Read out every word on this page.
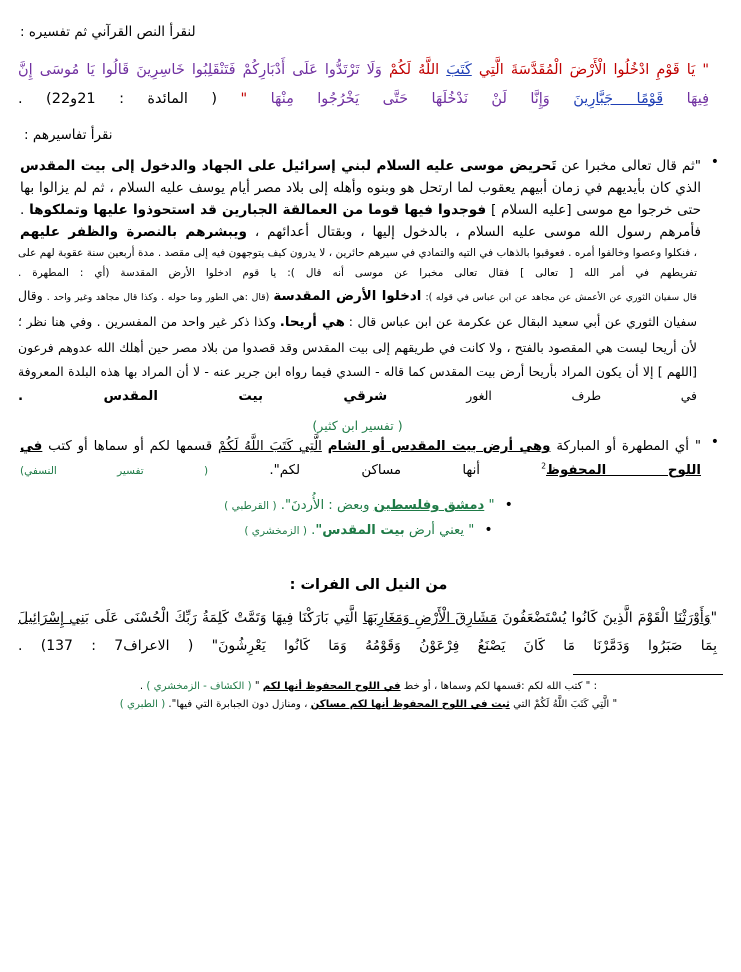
لنقرأ النص القرآني ثم تفسيره :
" يَا قَوْمِ ادْخُلُوا الْأَرْضَ الْمُقَدَّسَةَ الَّتِي كَتَبَ اللَّهُ لَكُمْ وَلَا تَرْتَدُّوا عَلَى أَدْبَارِكُمْ فَتَنْقَلِبُوا خَاسِرِينَ قَالُوا يَا مُوسَى إِنَّ فِيهَا قَوْمًا جَبَّارِينَ وَإِنَّا لَنْ نَدْخُلَهَا حَتَّى يَخْرُجُوا مِنْهَا " ( المائدة : 21و22) .
نقرأ تفاسيرهم :
• "ثم قال تعالى مخبرا عن تَحريض موسى عليه السلام لبني إسرائيل على الجهاد والدخول إلى بيت المقدس الذي كان بأيديهم في زمان أبيهم يعقوب لما ارتحل هو وبنوه وأهله إلى بلاد مصر أيام يوسف عليه السلام ، ثم لم يزالوا بها حتى خرجوا مع موسى [عليه السلام ] فوجدوا فيها قوما من العمالقة الجبارين قد استحوذوا عليها وتملكوها . فأمرهم رسول الله موسى عليه السلام ، بالدخول إليها ، وبقتال أعدائهم ، ويبشرهم بالنصرة والظفر عليهم
، فنكلوا وعصوا وخالفوا أمره . فعوقبوا بالذهاب في التيه والتمادي في سيرهم حائرين ، لا يدرون كيف يتوجهون فيه إلى مقصد . مدة أربعين سنة عقوبة لهم على تفريطهم في أمر الله [ تعالى ] فقال تعالى مخبرا عن موسى أنه قال ): يا قوم ادخلوا الأرض المقدسة (أي : المطهرة .
قال سفيان الثوري عن الأعمش عن مجاهد عن ابن عباس في قوله ): ادخلوا الأرض المقدسة (قال :هي الطور وما حوله . وكذا قال مجاهد وغير واحد . وقال سفيان الثوري عن أبي سعيد البقال عن عكرمة عن ابن عباس قال : هي أريحا. وكذا ذكر غير واحد من المفسرين . وفي هنا نظر ؛ لأن أريحا ليست هي المقصود بالفتح ، ولا كانت في طريقهم إلى بيت المقدس وقد قصدوا من بلاد مصر حين أهلك الله عدوهم فرعون [اللهم ] إلا أن يكون المراد بأريحا أرض بيت المقدس كما قاله - السدي فيما رواه ابن جرير عنه - لا أن المراد بها هذه البلدة المعروفة في طرف الغور شرقي بيت المقدس .
( تفسير ابن كثير)
• " أي المطهرة أو المباركة وهي أرض بيت المقدس أو الشام الَّتِي كَتَبَ اللَّهُ لَكُمْ قسمها لكم أو سماها أو كتب في اللوح المحفوظ$^2$ أنها مساكن لكم". ( تفسير النسفي)
•
" دمشق وفلسطين وبعض : الأُردنَ". ( القرطبي )
•
" يعني أرض بيت المقدس". ( الزمخشري )
من النيل الى الفرات :
"وَأَوْرَثْنَا الْقَوْمَ الَّذِينَ كَانُوا يُسْتَضْعَفُونَ مَشَارِقَ الْأَرْضِ وَمَغَارِبَهَا الَّتِي بَارَكْنَا فِيهَا وَتَمَّتْ كَلِمَةُ رَبِّكَ الْحُسْنَى عَلَى بَنِي إِسْرَائِيلَ بِمَا صَبَرُوا وَدَمَّرْنَا مَا كَانَ يَصْنَعُ فِرْعَوْنُ وَقَوْمُهُ وَمَا كَانُوا يَعْرِشُونَ" ( الاعراف7 : 137) .
: " كتب الله لكم :قسمها لكم وسماها ، أو خط في اللوح المحفوظ أنها لكم " ( الكشاف - الزمخشري ) .
" الَّتِي كَتَبَ اللَّهُ لَكُمْ التي ثبت في اللوح المحفوظ أنها لكم مساكن ، ومنازل دون الجبابرة التي فيها". ( الطبري )
